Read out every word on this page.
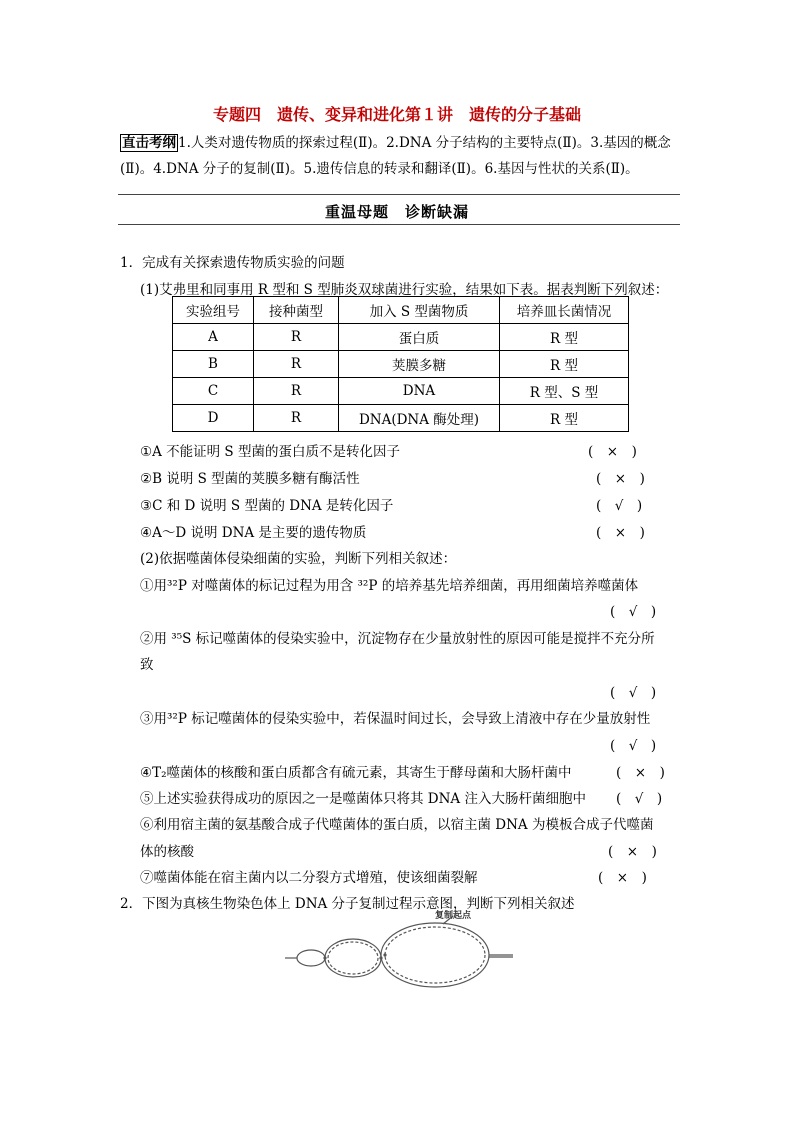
专题四　遗传、变异和进化第１讲　遗传的分子基础
直击考纲 1.人类对遗传物质的探索过程(Ⅱ)。2.DNA 分子结构的主要特点(Ⅱ)。3.基因的概念(Ⅱ)。4.DNA 分子的复制(Ⅱ)。5.遗传信息的转录和翻译(Ⅱ)。6.基因与性状的关系(Ⅱ)。
重温母题　诊断缺漏
1．完成有关探索遗传物质实验的问题
(1)艾弗里和同事用 R 型和 S 型肺炎双球菌进行实验，结果如下表。据表判断下列叙述：
实验组号	接种菌型	加入 S 型菌物质	培养皿长菌情况
A	R	蛋白质	R 型
B	R	荚膜多糖	R 型
C	R	DNA	R 型、S 型
D	R	DNA(DNA 酶处理)	R 型
①A 不能证明 S 型菌的蛋白质不是转化因子	(　×　)
②B 说明 S 型菌的荚膜多糖有酶活性	(　×　)
③C 和 D 说明 S 型菌的 DNA 是转化因子	(　√　)
④A～D 说明 DNA 是主要的遗传物质	(　×　)
(2)依据噬菌体侵染细菌的实验，判断下列相关叙述：
①用³²P 对噬菌体的标记过程为用含 ³²P 的培养基先培养细菌，再用细菌培养噬菌体
(　√　)
②用 ³⁵S 标记噬菌体的侵染实验中，沉淀物存在少量放射性的原因可能是搅拌不充分所
致
(　√　)
③用³²P 标记噬菌体的侵染实验中，若保温时间过长，会导致上清液中存在少量放射性
(　√　)
④T₂噬菌体的核酸和蛋白质都含有硫元素，其寄生于酵母菌和大肠杆菌中	(　×　)
⑤上述实验获得成功的原因之一是噬菌体只将其 DNA 注入大肠杆菌细胞中 (　√　)
⑥利用宿主菌的氨基酸合成子代噬菌体的蛋白质，以宿主菌 DNA 为模板合成子代噬菌
体的核酸	(　×　)
⑦噬菌体能在宿主菌内以二分裂方式增殖，使该细菌裂解	(　×　)
2．下图为真核生物染色体上 DNA 分子复制过程示意图，判断下列相关叙述
复制起点
